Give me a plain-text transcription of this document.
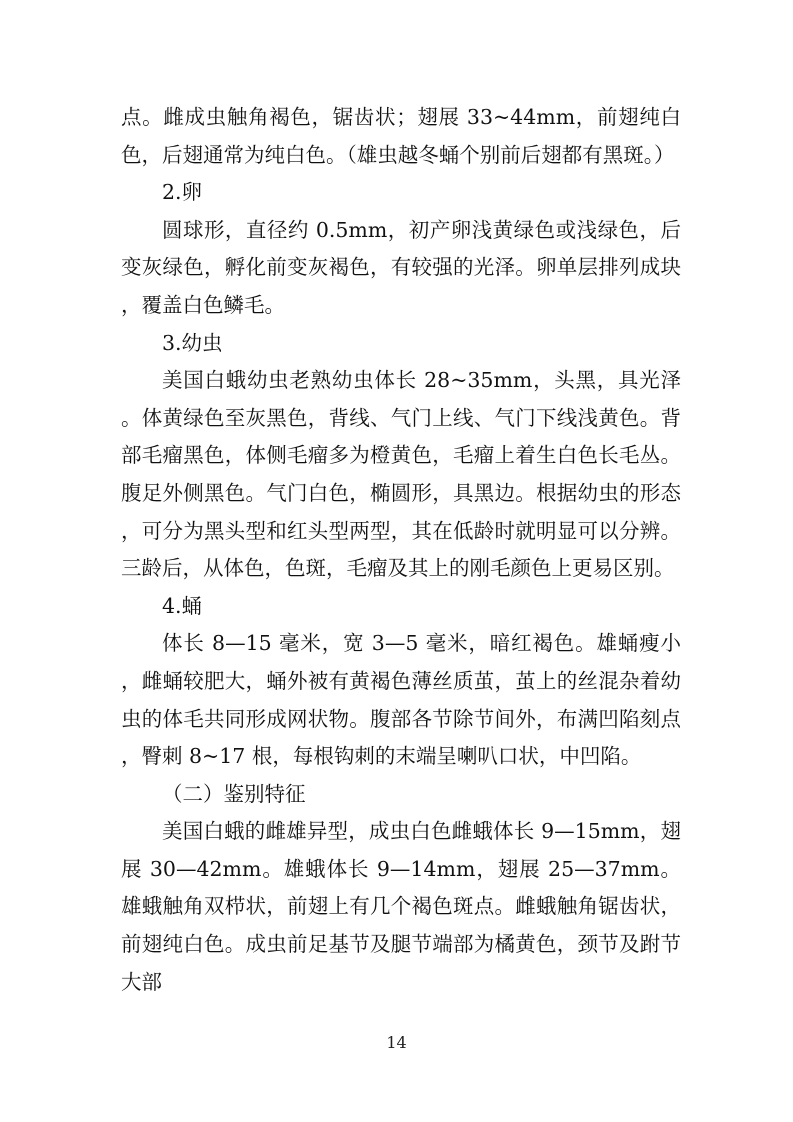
点。雌成虫触角褐色，锯齿状；翅展 33~44mm，前翅纯白色，后翅通常为纯白色。（雄虫越冬蛹个别前后翅都有黑斑。）

2.卵

圆球形，直径约 0.5mm，初产卵浅黄绿色或浅绿色，后变灰绿色，孵化前变灰褐色，有较强的光泽。卵单层排列成块，覆盖白色鳞毛。

3.幼虫

美国白蛾幼虫老熟幼虫体长 28~35mm，头黑，具光泽。体黄绿色至灰黑色，背线、气门上线、气门下线浅黄色。背部毛瘤黑色，体侧毛瘤多为橙黄色，毛瘤上着生白色长毛丛。腹足外侧黑色。气门白色，椭圆形，具黑边。根据幼虫的形态，可分为黑头型和红头型两型，其在低龄时就明显可以分辨。三龄后，从体色，色斑，毛瘤及其上的刚毛颜色上更易区别。

4.蛹

体长 8—15 毫米，宽 3—5 毫米，暗红褐色。雄蛹瘦小，雌蛹较肥大，蛹外被有黄褐色薄丝质茧，茧上的丝混杂着幼虫的体毛共同形成网状物。腹部各节除节间外，布满凹陷刻点，臀刺 8~17 根，每根钩刺的末端呈喇叭口状，中凹陷。

（二）鉴别特征

美国白蛾的雌雄异型，成虫白色雌蛾体长 9—15mm，翅展 30—42mm。雄蛾体长 9—14mm，翅展 25—37mm。雄蛾触角双栉状，前翅上有几个褐色斑点。雌蛾触角锯齿状，前翅纯白色。成虫前足基节及腿节端部为橘黄色，颈节及跗节大部

14
